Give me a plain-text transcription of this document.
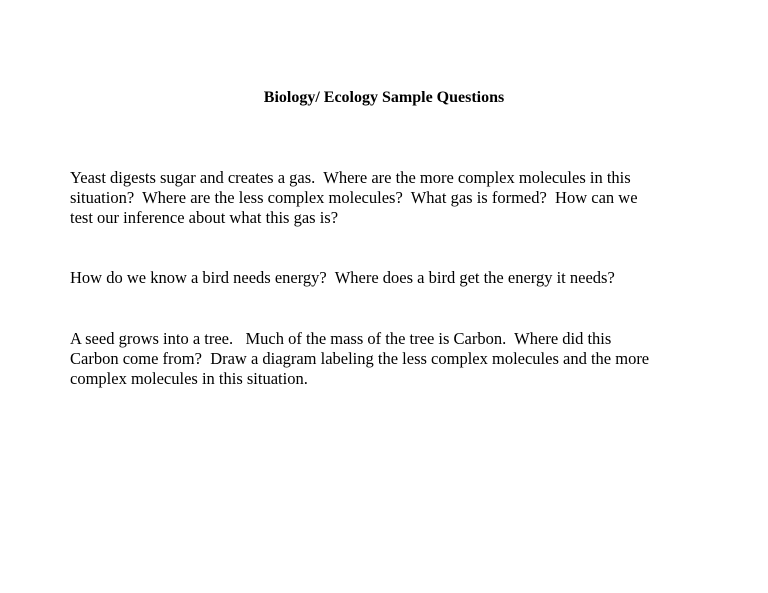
Biology/ Ecology Sample Questions

Yeast digests sugar and creates a gas.  Where are the more complex molecules in this
situation?  Where are the less complex molecules?  What gas is formed?  How can we
test our inference about what this gas is?

How do we know a bird needs energy?  Where does a bird get the energy it needs?

A seed grows into a tree.   Much of the mass of the tree is Carbon.  Where did this
Carbon come from?  Draw a diagram labeling the less complex molecules and the more
complex molecules in this situation.
